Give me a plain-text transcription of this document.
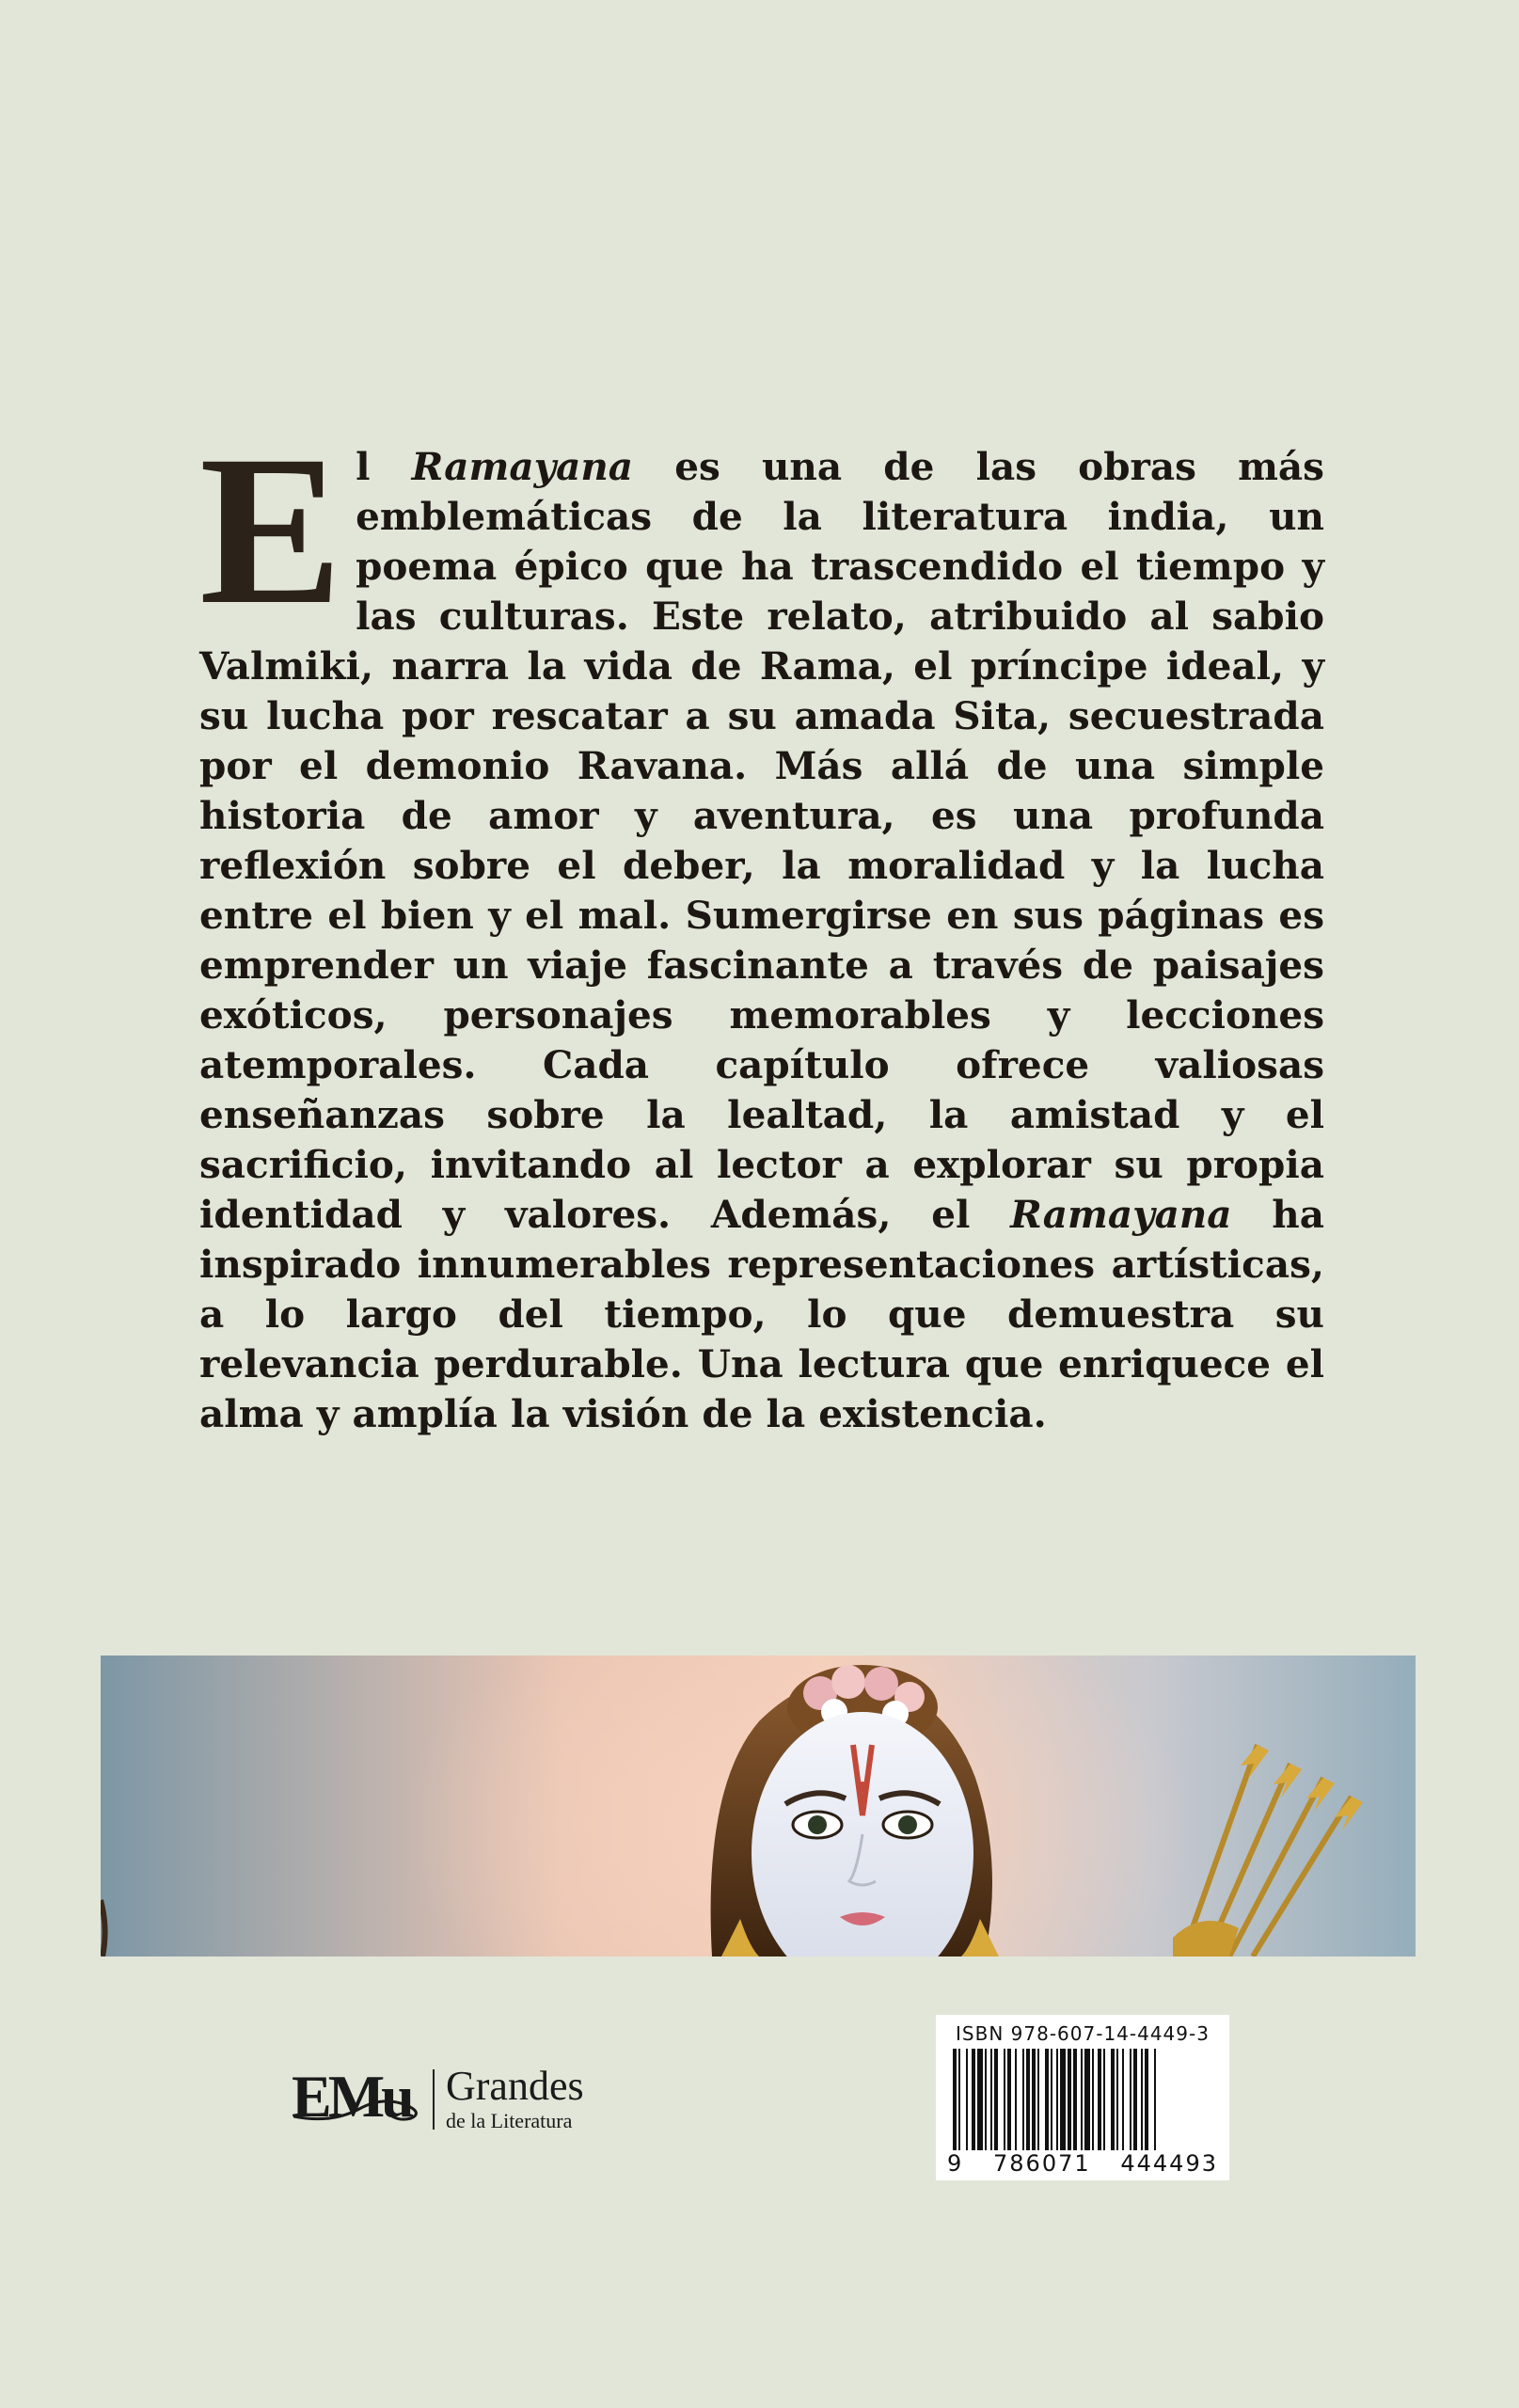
El Ramayana es una de las obras más emblemáticas de la literatura india, un poema épico que ha trascendido el tiempo y las culturas. Este relato, atribuido al sabio Valmiki, narra la vida de Rama, el príncipe ideal, y su lucha por rescatar a su amada Sita, secuestrada por el demonio Ravana. Más allá de una simple historia de amor y aventura, es una profunda reflexión sobre el deber, la moralidad y la lucha entre el bien y el mal. Sumergirse en sus páginas es emprender un viaje fascinante a través de paisajes exóticos, personajes memorables y lecciones atemporales. Cada capítulo ofrece valiosas enseñanzas sobre la lealtad, la amistad y el sacrificio, invitando al lector a explorar su propia identidad y valores. Además, el Ramayana ha inspirado innumerables representaciones artísticas, a lo largo del tiempo, lo que demuestra su relevancia perdurable. Una lectura que enriquece el alma y amplía la visión de la existencia.

EMu Grandes
de la Literatura
ISBN 978-607-14-4449-3
9 786071 444493
